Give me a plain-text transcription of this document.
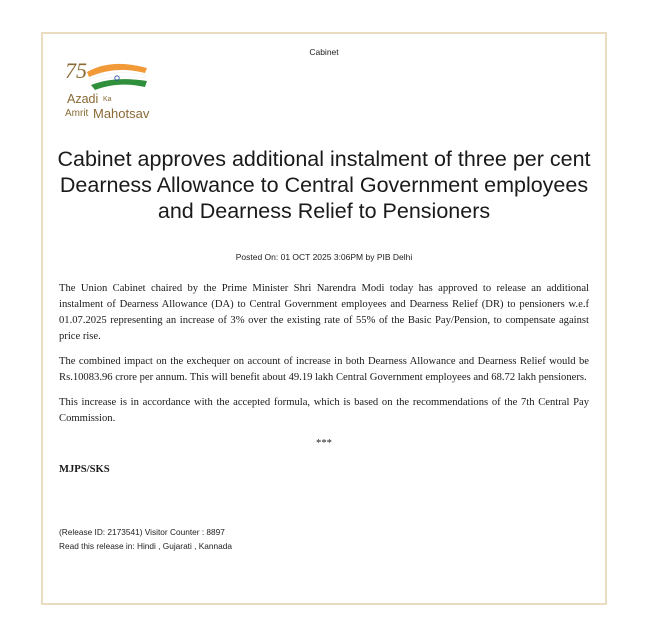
Cabinet
75
Azadi Ka
Amrit Mahotsav
Cabinet approves additional instalment of three per cent Dearness Allowance to Central Government employees and Dearness Relief to Pensioners
Posted On: 01 OCT 2025 3:06PM by PIB Delhi

The Union Cabinet chaired by the Prime Minister Shri Narendra Modi today has approved to release an additional instalment of Dearness Allowance (DA) to Central Government employees and Dearness Relief (DR) to pensioners w.e.f 01.07.2025 representing an increase of 3% over the existing rate of 55% of the Basic Pay/Pension, to compensate against price rise.

The combined impact on the exchequer on account of increase in both Dearness Allowance and Dearness Relief would be Rs.10083.96 crore per annum. This will benefit about 49.19 lakh Central Government employees and 68.72 lakh pensioners.

This increase is in accordance with the accepted formula, which is based on the recommendations of the 7th Central Pay Commission.

***
MJPS/SKS
(Release ID: 2173541) Visitor Counter : 8897
Read this release in: Hindi , Gujarati , Kannada
